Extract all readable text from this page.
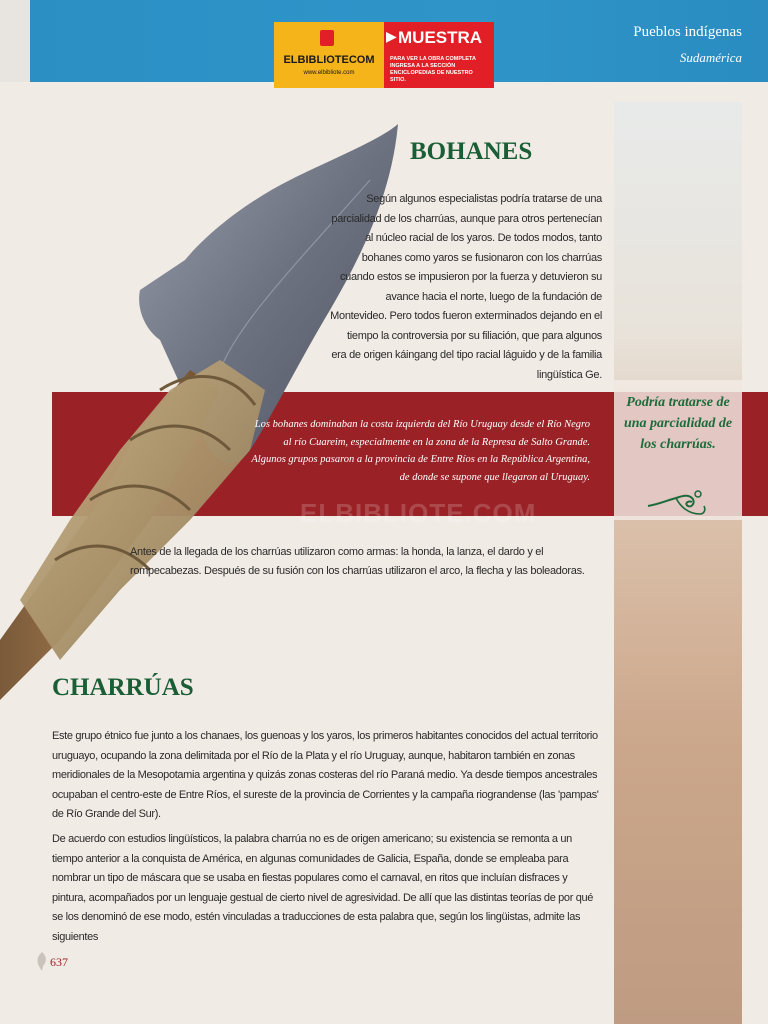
Pueblos indígenas
Sudamérica
ELBIBLIOTECOM
www.elbibliote.com
▶ MUESTRA
PARA VER LA OBRA COMPLETA INGRESA A LA SECCIÓN ENCICLOPEDIAS DE NUESTRO SITIO.
Podría tratarse de una parcialidad de los charrúas.
BOHANES
Según algunos especialistas podría tratarse de una parcialidad de los charrúas, aunque para otros pertenecían al núcleo racial de los yaros. De todos modos, tanto bohanes como yaros se fusionaron con los charrúas cuando estos se impusieron por la fuerza y detuvieron su avance hacia el norte, luego de la fundación de Montevideo. Pero todos fueron exterminados dejando en el tiempo la controversia por su filiación, que para algunos era de origen káingang del tipo racial láguido y de la familia lingüística Ge.
Los bohanes dominaban la costa izquierda del Río Uruguay desde el Río Negro al río Cuareim, especialmente en la zona de la Represa de Salto Grande. Algunos grupos pasaron a la provincia de Entre Ríos en la República Argentina, de donde se supone que llegaron al Uruguay.
ELBIBLIOTE.COM
Antes de la llegada de los charrúas utilizaron como armas: la honda, la lanza, el dardo y el rompecabezas. Después de su fusión con los charrúas utilizaron el arco, la flecha y las boleadoras.
CHARRÚAS
Este grupo étnico fue junto a los chanaes, los guenoas y los yaros, los primeros habitantes conocidos del actual territorio uruguayo, ocupando la zona delimitada por el Río de la Plata y el río Uruguay, aunque, habitaron también en zonas meridionales de la Mesopotamia argentina y quizás zonas costeras del río Paraná medio. Ya desde tiempos ancestrales ocupaban el centro-este de Entre Ríos, el sureste de la provincia de Corrientes y la campaña riograndense (las 'pampas' de Río Grande del Sur).
De acuerdo con estudios lingüísticos, la palabra charrúa no es de origen americano; su existencia se remonta a un tiempo anterior a la conquista de América, en algunas comunidades de Galicia, España, donde se empleaba para nombrar un tipo de máscara que se usaba en fiestas populares como el carnaval, en ritos que incluían disfraces y pintura, acompañados por un lenguaje gestual de cierto nivel de agresividad. De allí que las distintas teorías de por qué se los denominó de ese modo, estén vinculadas a traducciones de esta palabra que, según los lingüistas, admite las siguientes
637
